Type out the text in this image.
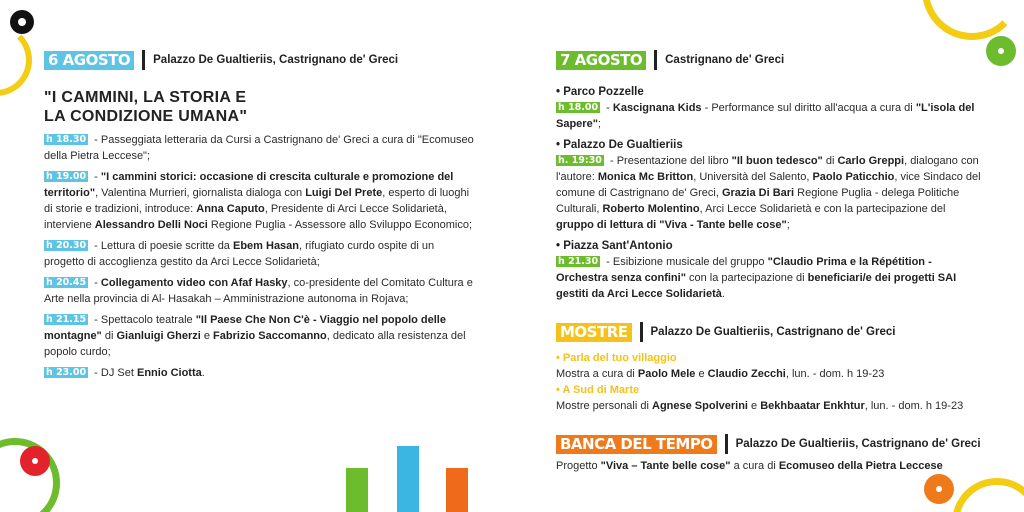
6 AGOSTO	Palazzo De Gualtieriis, Castrignano de' Greci
"I CAMMINI, LA STORIA E
LA CONDIZIONE UMANA"
h 18.30 - Passeggiata letteraria da Cursi a Castrignano de' Greci a cura di "Ecomuseo della Pietra Leccese";
h 19.00 - "I cammini storici: occasione di crescita culturale e promozione del territorio", Valentina Murrieri, giornalista dialoga con Luigi Del Prete, esperto di luoghi di storie e tradizioni, introduce: Anna Caputo, Presidente di Arci Lecce Solidarietà, interviene Alessandro Delli Noci Regione Puglia - Assessore allo Sviluppo Economico;
h 20.30 - Lettura di poesie scritte da Ebem Hasan, rifugiato curdo ospite di un progetto di accoglienza gestito da Arci Lecce Solidarietà;
h 20.45 - Collegamento video con Afaf Hasky, co-presidente del Comitato Cultura e Arte nella provincia di Al- Hasakah – Amministrazione autonoma in Rojava;
h 21.15 - Spettacolo teatrale "Il Paese Che Non C'è - Viaggio nel popolo delle montagne" di Gianluigi Gherzi e Fabrizio Saccomanno, dedicato alla resistenza del popolo curdo;
h 23.00 - DJ Set Ennio Ciotta.
7 AGOSTO	Castrignano de' Greci
• Parco Pozzelle
h 18.00 - Kascignana Kids - Performance sul diritto all'acqua a cura di "L'isola del Sapere";
• Palazzo De Gualtieriis
h. 19:30 - Presentazione del libro "Il buon tedesco" di Carlo Greppi, dialogano con l'autore: Monica Mc Britton, Università del Salento, Paolo Paticchio, vice Sindaco del comune di Castrignano de' Greci, Grazia Di Bari Regione Puglia - delega Politiche Culturali, Roberto Molentino, Arci Lecce Solidarietà e con la partecipazione del gruppo di lettura di "Viva - Tante belle cose";
• Piazza Sant'Antonio
h 21.30 - Esibizione musicale del gruppo "Claudio Prima e la Répétition - Orchestra senza confini" con la partecipazione di beneficiari/e dei progetti SAI gestiti da Arci Lecce Solidarietà.
MOSTRE	Palazzo De Gualtieriis, Castrignano de' Greci
• Parla del tuo villaggio
Mostra a cura di Paolo Mele e Claudio Zecchi, lun. - dom. h 19-23
• A Sud di Marte
Mostre personali di Agnese Spolverini e Bekhbaatar Enkhtur, lun. - dom. h 19-23
BANCA DEL TEMPO	Palazzo De Gualtieriis, Castrignano de' Greci
Progetto "Viva – Tante belle cose" a cura di Ecomuseo della Pietra Leccese
